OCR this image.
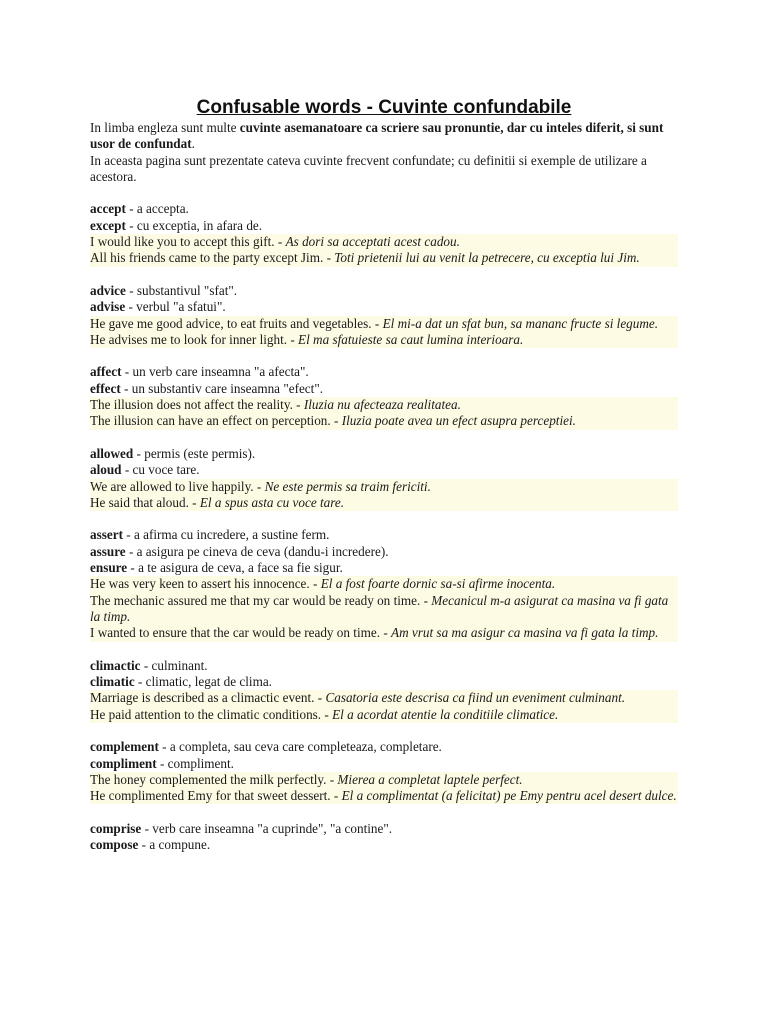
Confusable words - Cuvinte confundabile

In limba engleza sunt multe cuvinte asemanatoare ca scriere sau pronuntie, dar cu inteles diferit, si sunt usor de confundat.

In aceasta pagina sunt prezentate cateva cuvinte frecvent confundate; cu definitii si exemple de utilizare a acestora.

accept - a accepta.
except - cu exceptia, in afara de.
I would like you to accept this gift. - As dori sa acceptati acest cadou.
All his friends came to the party except Jim. - Toti prietenii lui au venit la petrecere, cu exceptia lui Jim.
advice - substantivul "sfat".
advise - verbul "a sfatui".
He gave me good advice, to eat fruits and vegetables. - El mi-a dat un sfat bun, sa mananc fructe si legume.
He advises me to look for inner light. - El ma sfatuieste sa caut lumina interioara.
affect - un verb care inseamna "a afecta".
effect - un substantiv care inseamna "efect".
The illusion does not affect the reality. - Iluzia nu afecteaza realitatea.
The illusion can have an effect on perception. - Iluzia poate avea un efect asupra perceptiei.
allowed - permis (este permis).
aloud - cu voce tare.
We are allowed to live happily. - Ne este permis sa traim fericiti.
He said that aloud. - El a spus asta cu voce tare.
assert - a afirma cu incredere, a sustine ferm.
assure - a asigura pe cineva de ceva (dandu-i incredere).
ensure - a te asigura de ceva, a face sa fie sigur.
He was very keen to assert his innocence. - El a fost foarte dornic sa-si afirme inocenta.
The mechanic assured me that my car would be ready on time. - Mecanicul m-a asigurat ca masina va fi gata la timp.
I wanted to ensure that the car would be ready on time. - Am vrut sa ma asigur ca masina va fi gata la timp.
climactic - culminant.
climatic - climatic, legat de clima.
Marriage is described as a climactic event. - Casatoria este descrisa ca fiind un eveniment culminant.
He paid attention to the climatic conditions. - El a acordat atentie la conditiile climatice.
complement - a completa, sau ceva care completeaza, completare.
compliment - compliment.
The honey complemented the milk perfectly. - Mierea a completat laptele perfect.
He complimented Emy for that sweet dessert. - El a complimentat (a felicitat) pe Emy pentru acel desert dulce.
comprise - verb care inseamna "a cuprinde", "a contine".
compose - a compune.
